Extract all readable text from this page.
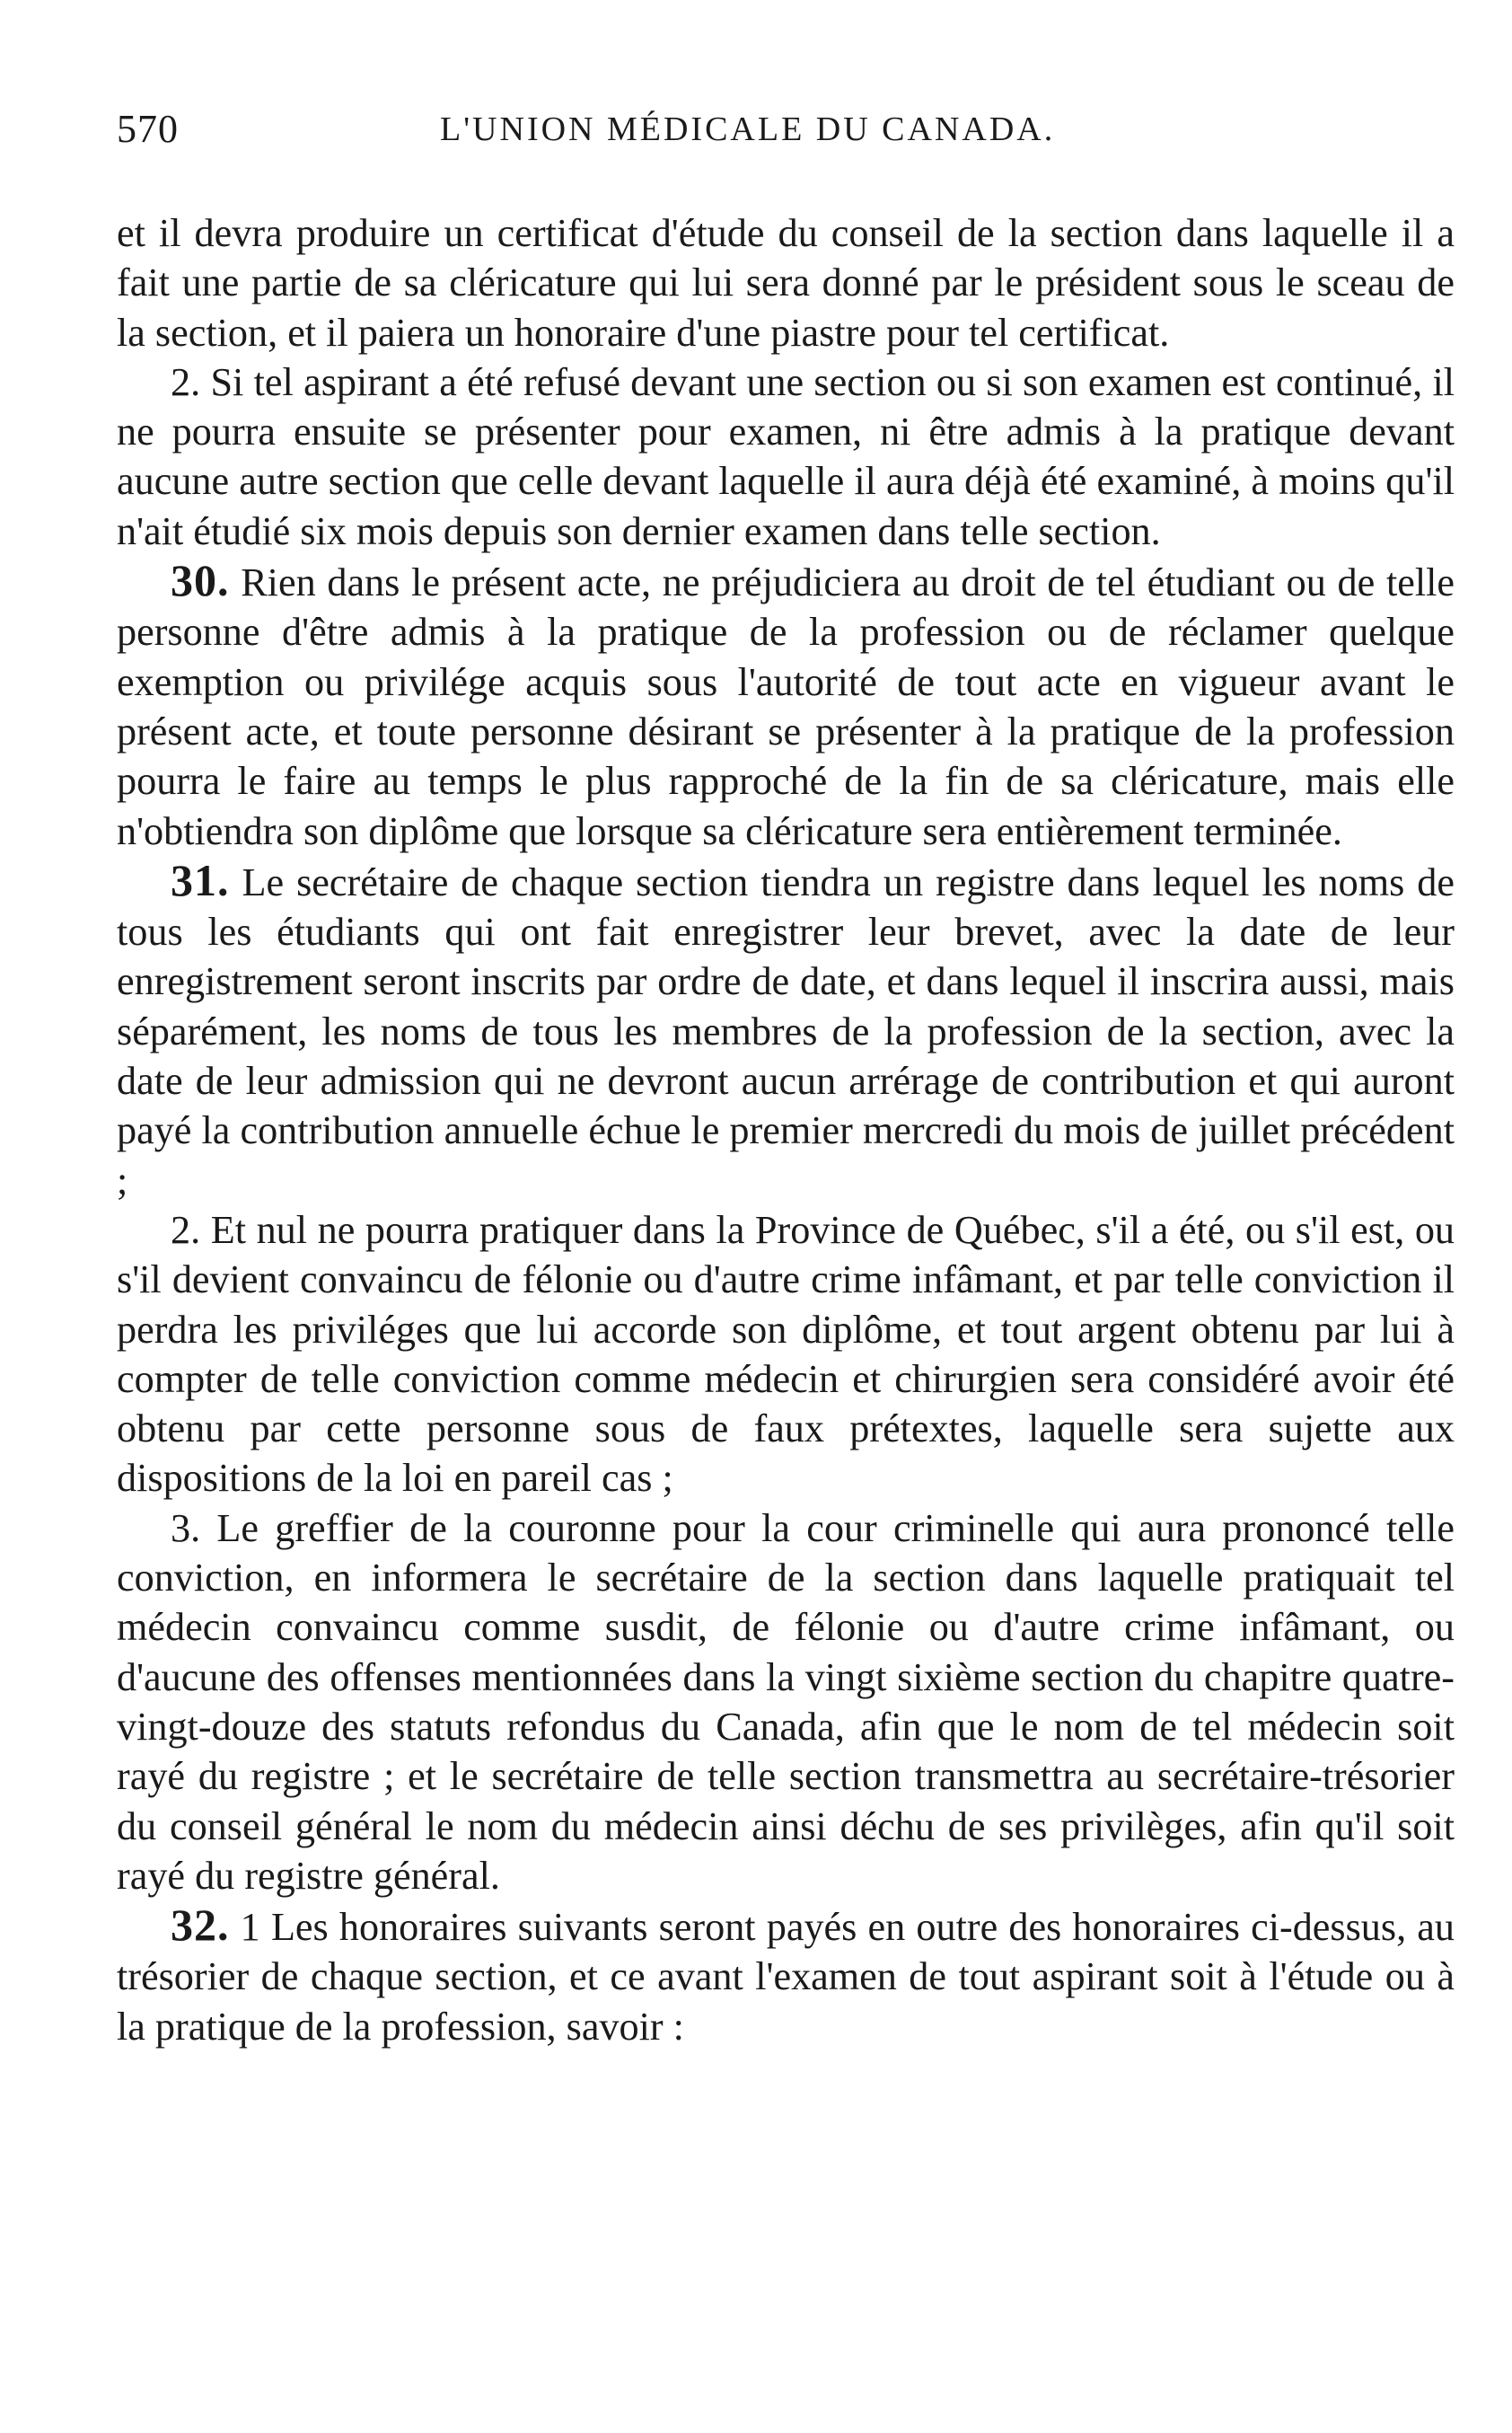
570	L'UNION MÉDICALE DU CANADA.

et il devra produire un certificat d'étude du conseil de la section dans laquelle il a fait une partie de sa cléricature qui lui sera donné par le président sous le sceau de la section, et il paiera un honoraire d'une piastre pour tel certificat.

2. Si tel aspirant a été refusé devant une section ou si son examen est continué, il ne pourra ensuite se présenter pour examen, ni être admis à la pratique devant aucune autre section que celle devant laquelle il aura déjà été examiné, à moins qu'il n'ait étudié six mois depuis son dernier examen dans telle section.

30. Rien dans le présent acte, ne préjudiciera au droit de tel étudiant ou de telle personne d'être admis à la pratique de la profession ou de réclamer quelque exemption ou privilége acquis sous l'autorité de tout acte en vigueur avant le présent acte, et toute personne désirant se présenter à la pratique de la profession pourra le faire au temps le plus rapproché de la fin de sa cléricature, mais elle n'obtiendra son diplôme que lorsque sa cléricature sera entièrement terminée.

31. Le secrétaire de chaque section tiendra un registre dans lequel les noms de tous les étudiants qui ont fait enregistrer leur brevet, avec la date de leur enregistrement seront inscrits par ordre de date, et dans lequel il inscrira aussi, mais séparément, les noms de tous les membres de la profession de la section, avec la date de leur admission qui ne devront aucun arrérage de contribution et qui auront payé la contribution annuelle échue le premier mercredi du mois de juillet précédent ;

2. Et nul ne pourra pratiquer dans la Province de Québec, s'il a été, ou s'il est, ou s'il devient convaincu de félonie ou d'autre crime infâmant, et par telle conviction il perdra les priviléges que lui accorde son diplôme, et tout argent obtenu par lui à compter de telle conviction comme médecin et chirurgien sera considéré avoir été obtenu par cette personne sous de faux prétextes, laquelle sera sujette aux dispositions de la loi en pareil cas ;

3. Le greffier de la couronne pour la cour criminelle qui aura prononcé telle conviction, en informera le secrétaire de la section dans laquelle pratiquait tel médecin convaincu comme susdit, de félonie ou d'autre crime infâmant, ou d'aucune des offenses mentionnées dans la vingt sixième section du chapitre quatre-vingt-douze des statuts refondus du Canada, afin que le nom de tel médecin soit rayé du registre ; et le secrétaire de telle section transmettra au secrétaire-trésorier du conseil général le nom du médecin ainsi déchu de ses privilèges, afin qu'il soit rayé du registre général.

32. 1 Les honoraires suivants seront payés en outre des honoraires ci-dessus, au trésorier de chaque section, et ce avant l'examen de tout aspirant soit à l'étude ou à la pratique de la profession, savoir :
